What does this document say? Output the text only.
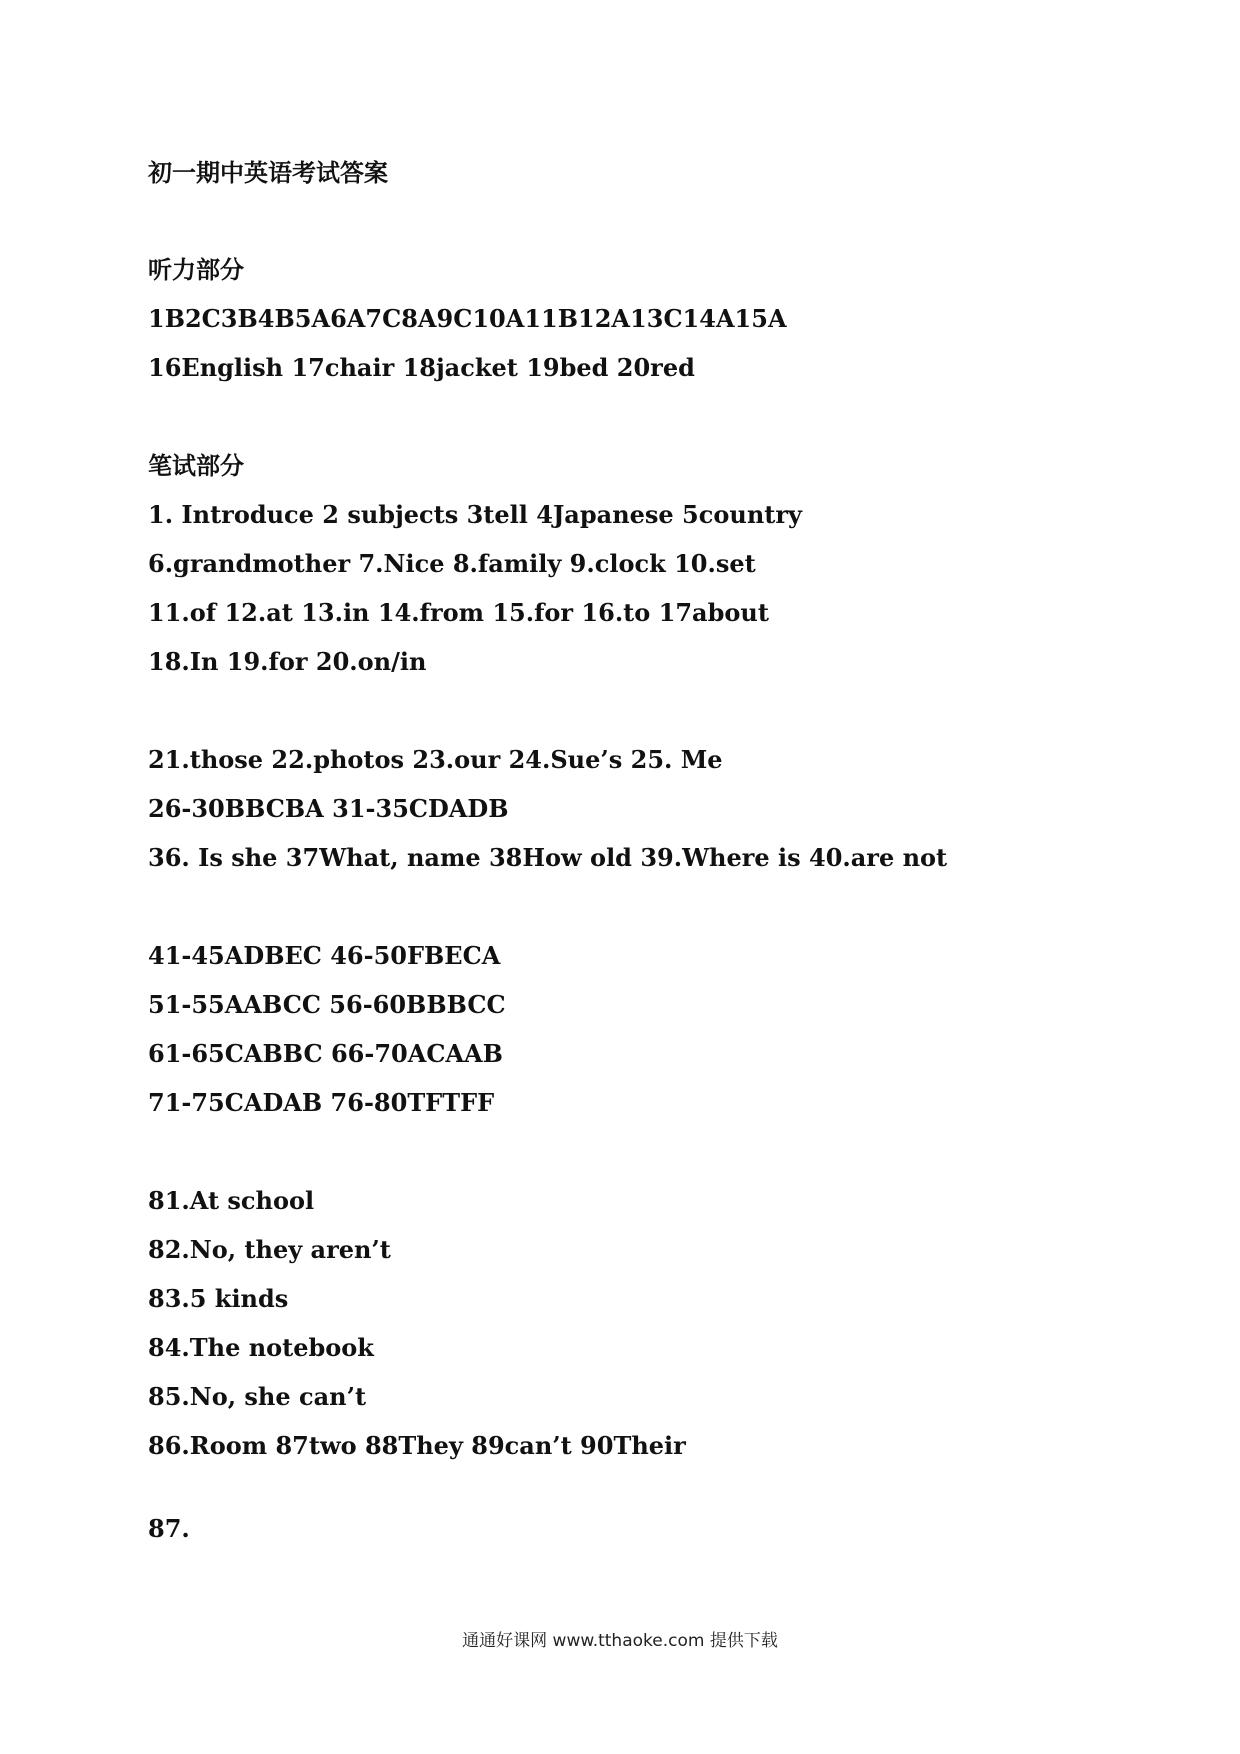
初一期中英语考试答案
听力部分
1B2C3B4B5A6A7C8A9C10A11B12A13C14A15A
16English 17chair 18jacket 19bed 20red
笔试部分
1. Introduce 2 subjects 3tell 4Japanese 5country
6.grandmother 7.Nice 8.family 9.clock 10.set
11.of 12.at 13.in 14.from 15.for 16.to 17about
18.In 19.for 20.on/in
21.those 22.photos 23.our 24.Sue’s 25. Me
26-30BBCBA 31-35CDADB
36. Is she 37What, name 38How old 39.Where is 40.are not
41-45ADBEC 46-50FBECA
51-55AABCC 56-60BBBCC
61-65CABBC 66-70ACAAB
71-75CADAB 76-80TFTFF
81.At school
82.No, they aren’t
83.5 kinds
84.The notebook
85.No, she can’t
86.Room 87two 88They 89can’t 90Their
87.
通通好课网 www.tthaoke.com 提供下载
